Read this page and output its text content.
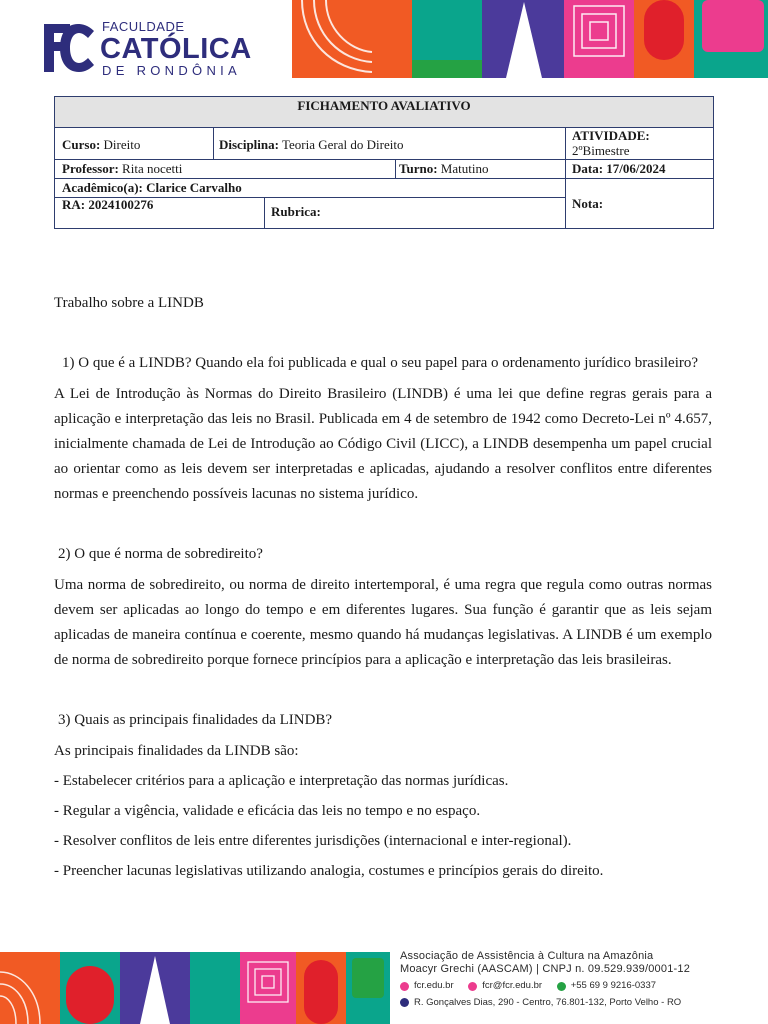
FACULDADE
CATÓLICA
DE RONDÔNIA
FICHAMENTO AVALIATIVO
Curso: Direito	Disciplina: Teoria Geral do Direito
ATIVIDADE:
2ºBimestre
Professor: Rita nocetti	Turno: Matutino	Data: 17/06/2024
Acadêmico(a): Clarice Carvalho
RA: 2024100276	Rubrica:
Nota:

Trabalho sobre a LINDB

1) O que é a LINDB? Quando ela foi publicada e qual o seu papel para o ordenamento jurídico brasileiro?

A Lei de Introdução às Normas do Direito Brasileiro (LINDB) é uma lei que define regras gerais para a aplicação e interpretação das leis no Brasil. Publicada em 4 de setembro de 1942 como Decreto-Lei nº 4.657, inicialmente chamada de Lei de Introdução ao Código Civil (LICC), a LINDB desempenha um papel crucial ao orientar como as leis devem ser interpretadas e aplicadas, ajudando a resolver conflitos entre diferentes normas e preenchendo possíveis lacunas no sistema jurídico.

2) O que é norma de sobredireito?

Uma norma de sobredireito, ou norma de direito intertemporal, é uma regra que regula como outras normas devem ser aplicadas ao longo do tempo e em diferentes lugares. Sua função é garantir que as leis sejam aplicadas de maneira contínua e coerente, mesmo quando há mudanças legislativas. A LINDB é um exemplo de norma de sobredireito porque fornece princípios para a aplicação e interpretação das leis brasileiras.

3) Quais as principais finalidades da LINDB?

As principais finalidades da LINDB são:

- Estabelecer critérios para a aplicação e interpretação das normas jurídicas.

- Regular a vigência, validade e eficácia das leis no tempo e no espaço.

- Resolver conflitos de leis entre diferentes jurisdições (internacional e inter-regional).

- Preencher lacunas legislativas utilizando analogia, costumes e princípios gerais do direito.

Associação de Assistência à Cultura na Amazônia
Moacyr Grechi (AASCAM) | CNPJ n. 09.529.939/0001-12
fcr.edu.br
	fcr@fcr.edu.br
	+55 69 9 9216-0337
R. Gonçalves Dias, 290 - Centro, 76.801-132, Porto Velho - RO
